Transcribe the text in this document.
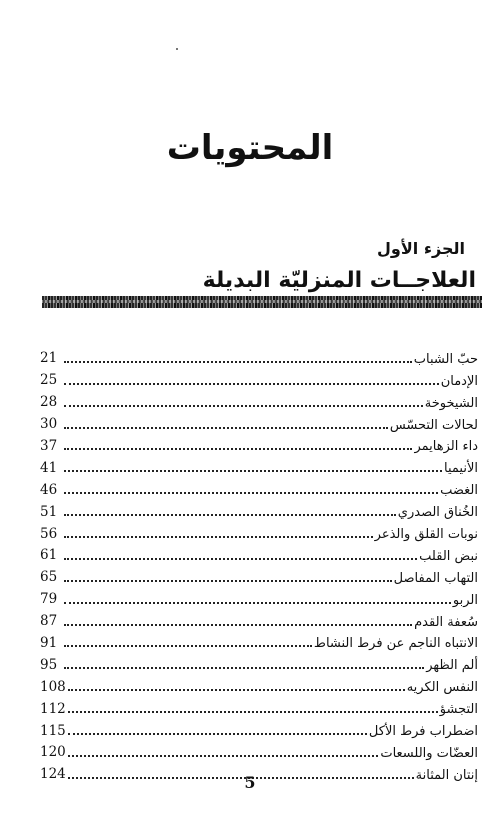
المحتويات
الجزء الأول
العلاجــات المنزليّة البديلة
حبّ الشباب
21
الإدمان
25
الشيخوخة
28
لحالات التحسّس
30
داء الزهايمر
37
الأنيميا
41
الغضب
46
الخُناق الصدري
51
نوبات القلق والذعر
56
نبض القلب
61
التهاب المفاصل
65
الربو
79
سُعفة القدم
87
الانتباه الناجم عن فرط النشاط
91
ألم الظهر
95
النفس الكريه
108
التجشؤ
112
اضطراب فرط الأكل
115
العضّات واللسعات
120
إنتان المثانة
124	5
